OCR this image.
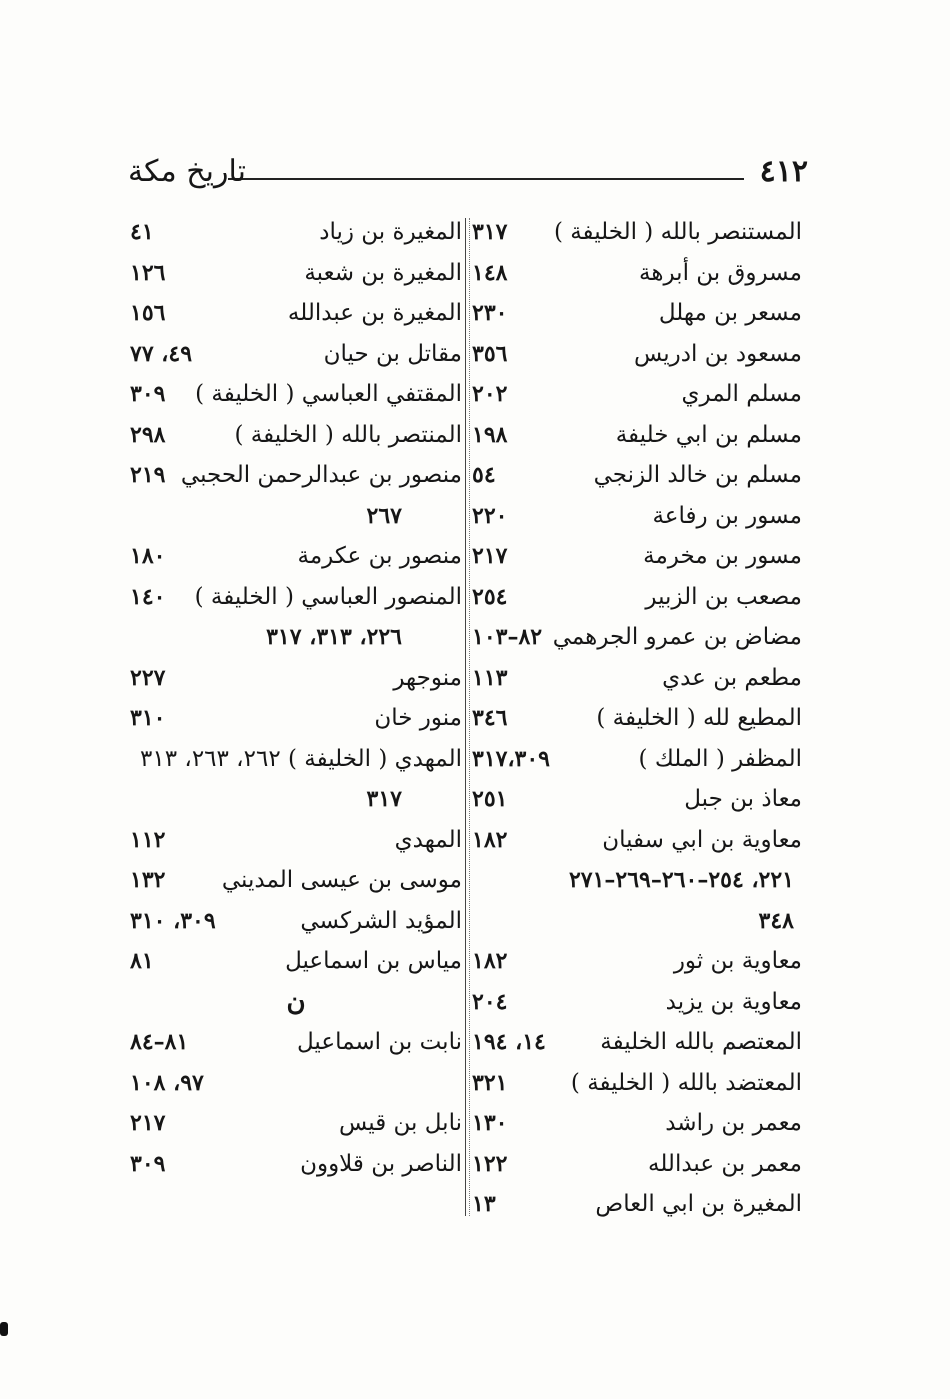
٤١٢
تاريخ مكة
المستنصر بالله ( الخليفة )
٣١٧
مسروق بن أبرهة
١٤٨
مسعر بن مهلل
٢٣٠
مسعود بن ادريس
٣٥٦
مسلم المري
٢٠٢
مسلم بن ابي خليفة
١٩٨
مسلم بن خالد الزنجي
٥٤
مسور بن رفاعة
٢٢٠
مسور بن مخرمة
٢١٧
مصعب بن الزبير
٢٥٤
مضاض بن عمرو الجرهمي
٨٢–١٠٣
مطعم بن عدي
١١٣
المطيع لله ( الخليفة )
٣٤٦
المظفر ( الملك )
٣١٧،٣٠٩
معاذ بن جبل
٢٥١
معاوية بن ابي سفيان
١٨٢
٢٢١، ٢٥٤–٢٦٠–٢٦٩–٢٧١
٣٤٨
معاوية بن ثور
١٨٢
معاوية بن يزيد
٢٠٤
المعتصم بالله الخليفة
١٤، ١٩٤
المعتضد بالله ( الخليفة )
٣٢١
معمر بن راشد
١٣٠
معمر بن عبدالله
١٢٢
المغيرة بن ابي العاص
١٣
المغيرة بن زياد
٤١
المغيرة بن شعبة
١٢٦
المغيرة بن عبدالله
١٥٦
مقاتل بن حيان
٤٩، ٧٧
المقتفي العباسي ( الخليفة )
٣٠٩
المنتصر بالله ( الخليفة )
٢٩٨
منصور بن عبدالرحمن الحجبي
٢١٩
٢٦٧
منصور بن عكرمة
١٨٠
المنصور العباسي ( الخليفة )
١٤٠
٢٢٦، ٣١٣، ٣١٧
منوجهر
٢٢٧
منور خان
٣١٠
المهدي ( الخليفة ) ٢٦٢، ٢٦٣، ٣١٣
٣١٧
المهدي
١١٢
موسى بن عيسى المديني
١٣٢
المؤيد الشركسي
٣٠٩، ٣١٠
مياس بن اسماعيل
٨١
ن
نابت بن اسماعيل
٨١–٨٤
٩٧، ١٠٨
نابل بن قيس
٢١٧
الناصر بن قلاوون
٣٠٩
